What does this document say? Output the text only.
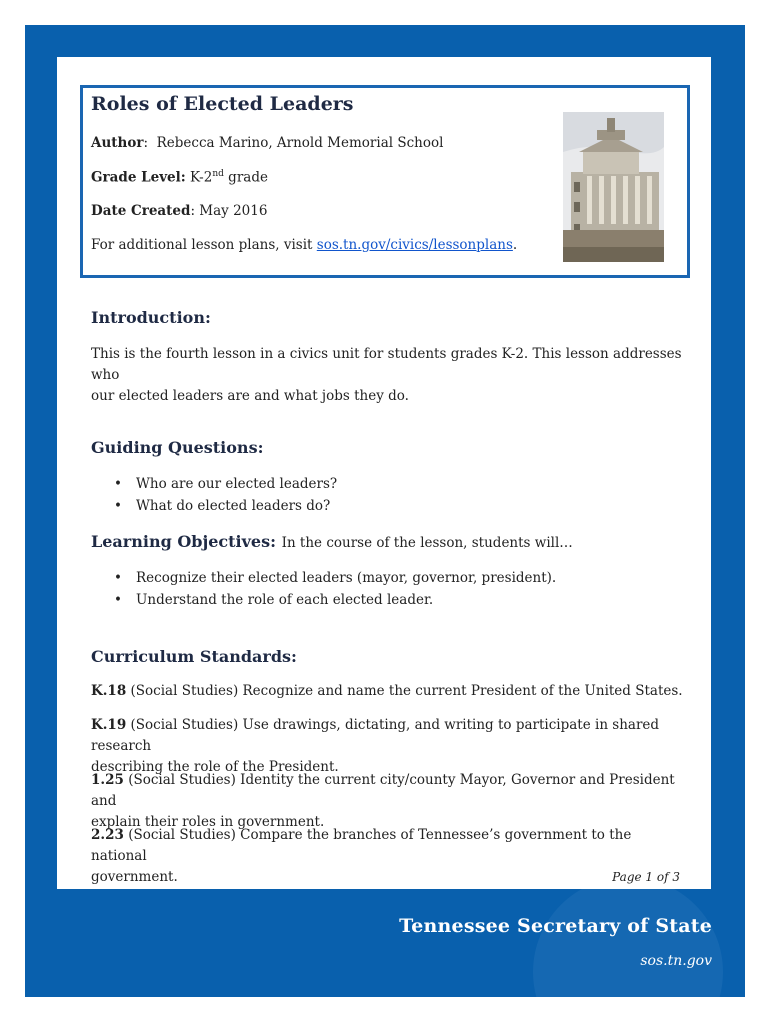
Roles of Elected Leaders
Author:  Rebecca Marino, Arnold Memorial School
Grade Level: K-2nd grade
Date Created: May 2016
For additional lesson plans, visit sos.tn.gov/civics/lessonplans.
Introduction:
This is the fourth lesson in a civics unit for students grades K-2. This lesson addresses who
our elected leaders are and what jobs they do.
Guiding Questions:
• Who are our elected leaders?
• What do elected leaders do?
Learning Objectives: In the course of the lesson, students will…
• Recognize their elected leaders (mayor, governor, president).
• Understand the role of each elected leader.
Curriculum Standards:
K.18 (Social Studies) Recognize and name the current President of the United States.
K.19 (Social Studies) Use drawings, dictating, and writing to participate in shared research
describing the role of the President.
1.25 (Social Studies) Identity the current city/county Mayor, Governor and President and
explain their roles in government.
2.23 (Social Studies) Compare the branches of Tennessee’s government to the national
government.	Page 1 of 3
Tennessee Secretary of State
sos.tn.gov
